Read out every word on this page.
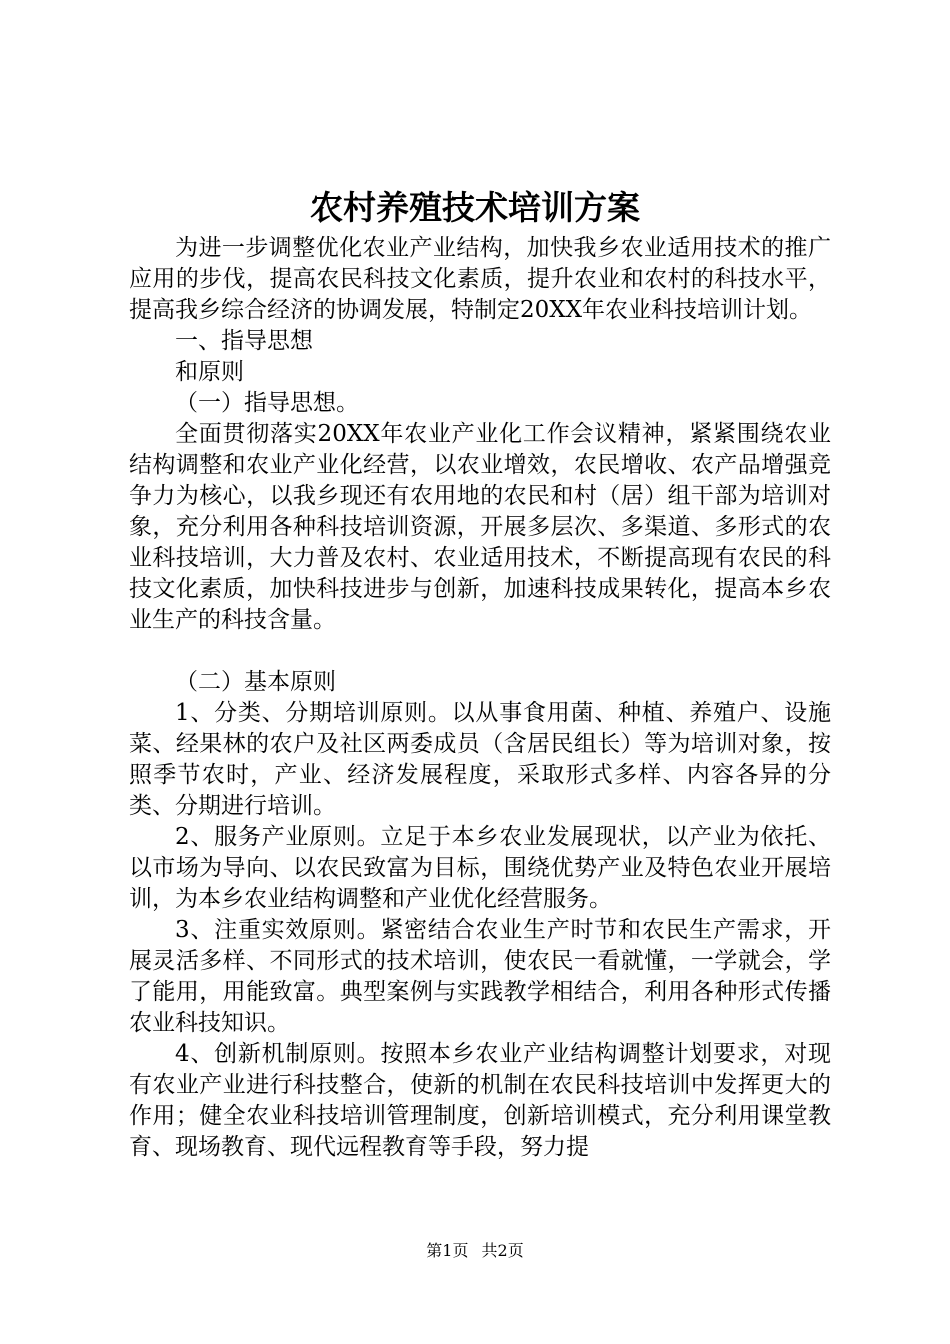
农村养殖技术培训方案

为进一步调整优化农业产业结构，加快我乡农业适用技术的推广应用的步伐，提高农民科技文化素质，提升农业和农村的科技水平，提高我乡综合经济的协调发展，特制定20XX年农业科技培训计划。

一、指导思想

和原则

（一）指导思想。

全面贯彻落实20XX年农业产业化工作会议精神，紧紧围绕农业结构调整和农业产业化经营，以农业增效，农民增收、农产品增强竞争力为核心，以我乡现还有农用地的农民和村（居）组干部为培训对象，充分利用各种科技培训资源，开展多层次、多渠道、多形式的农业科技培训，大力普及农村、农业适用技术，不断提高现有农民的科技文化素质，加快科技进步与创新，加速科技成果转化，提高本乡农业生产的科技含量。

（二）基本原则

1、分类、分期培训原则。以从事食用菌、种植、养殖户、设施菜、经果林的农户及社区两委成员（含居民组长）等为培训对象，按照季节农时，产业、经济发展程度，采取形式多样、内容各异的分类、分期进行培训。

2、服务产业原则。立足于本乡农业发展现状，以产业为依托、以市场为导向、以农民致富为目标，围绕优势产业及特色农业开展培训，为本乡农业结构调整和产业优化经营服务。

3、注重实效原则。紧密结合农业生产时节和农民生产需求，开展灵活多样、不同形式的技术培训，使农民一看就懂，一学就会，学了能用，用能致富。典型案例与实践教学相结合，利用各种形式传播农业科技知识。

4、创新机制原则。按照本乡农业产业结构调整计划要求，对现有农业产业进行科技整合，使新的机制在农民科技培训中发挥更大的作用；健全农业科技培训管理制度，创新培训模式，充分利用课堂教育、现场教育、现代远程教育等手段，努力提

第1页 共2页
